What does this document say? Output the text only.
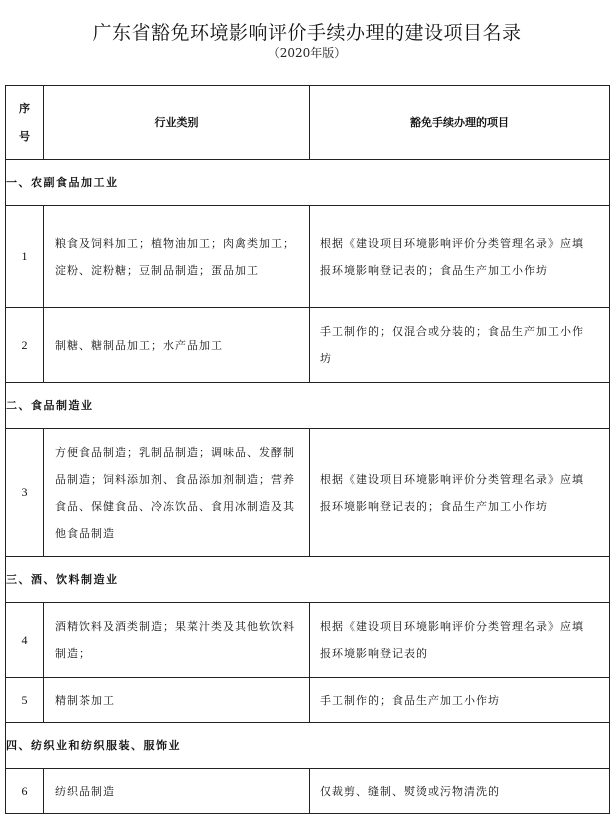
广东省豁免环境影响评价手续办理的建设项目名录
（2020年版）
序号	行业类别	豁免手续办理的项目
一、农副食品加工业		
1	粮食及饲料加工；植物油加工；肉禽类加工；淀粉、淀粉糖；豆制品制造；蛋品加工	根据《建设项目环境影响评价分类管理名录》应填报环境影响登记表的；食品生产加工小作坊
2	制糖、糖制品加工；水产品加工	手工制作的；仅混合或分装的；食品生产加工小作坊
二、食品制造业		
3	方便食品制造；乳制品制造；调味品、发酵制品制造；饲料添加剂、食品添加剂制造；营养食品、保健食品、冷冻饮品、食用冰制造及其他食品制造	根据《建设项目环境影响评价分类管理名录》应填报环境影响登记表的；食品生产加工小作坊
三、酒、饮料制造业		
4	酒精饮料及酒类制造；果菜汁类及其他软饮料制造；	根据《建设项目环境影响评价分类管理名录》应填报环境影响登记表的
5	精制茶加工	手工制作的；食品生产加工小作坊
四、纺织业和纺织服装、服饰业		
6	纺织品制造	仅裁剪、缝制、熨烫或污物清洗的
